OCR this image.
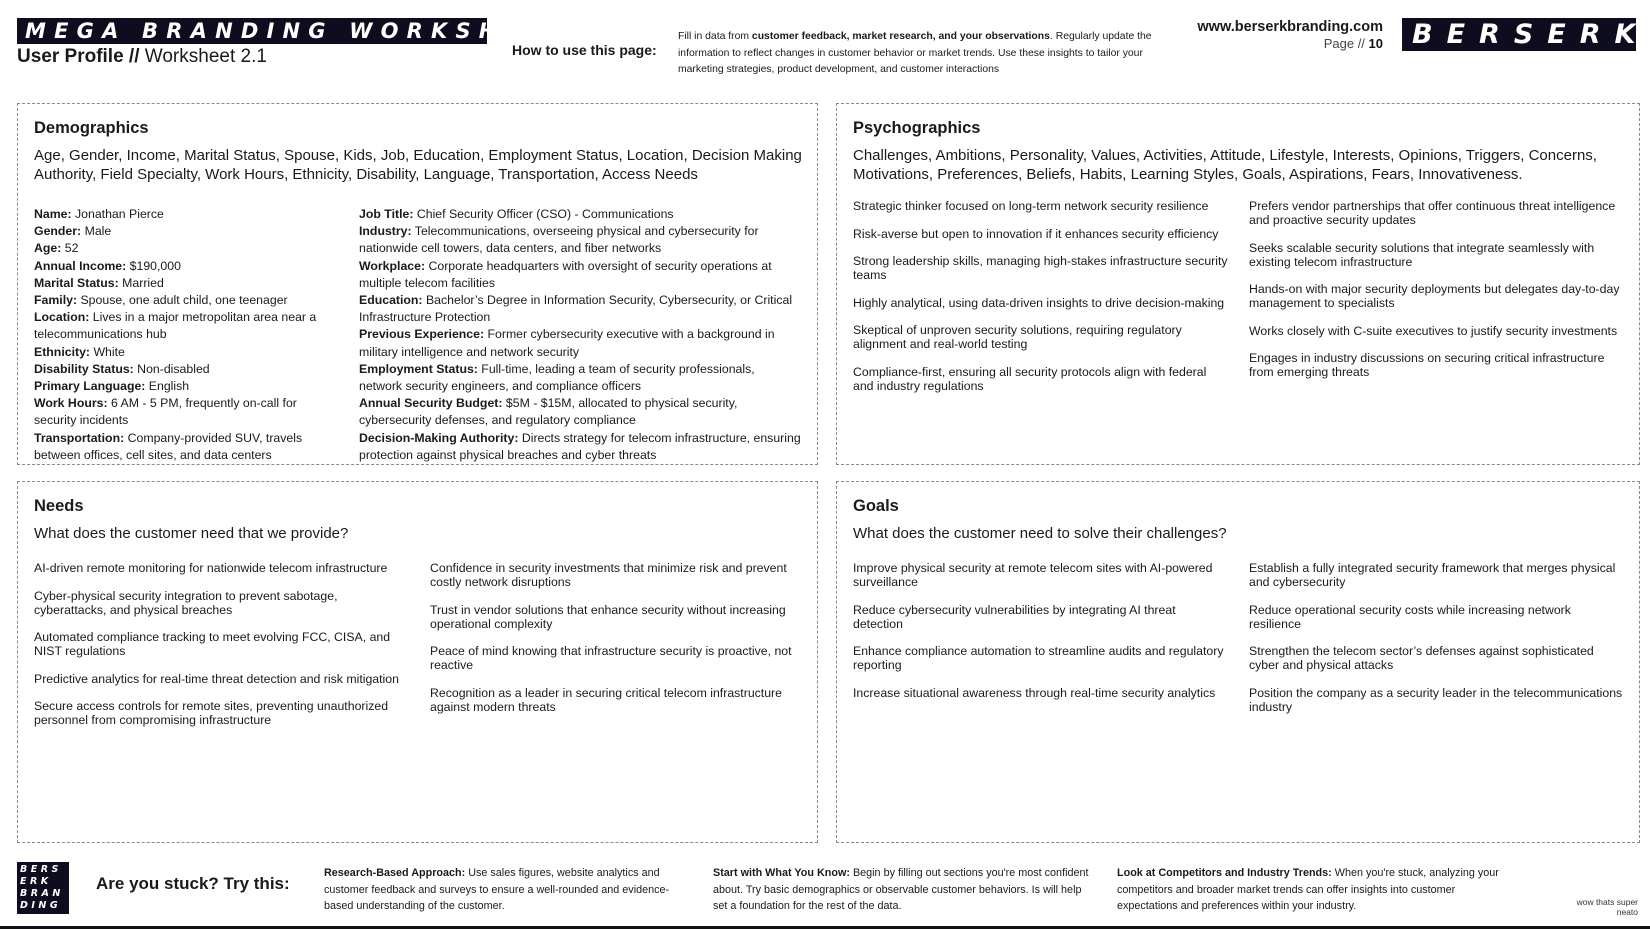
MEGA BRANDING WORKSHOP
User Profile // Worksheet 2.1	How to use this page:
Fill in data from customer feedback, market research, and your observations. Regularly update the information to reflect changes in customer behavior or market trends. Use these insights to tailor your marketing strategies, product development, and customer interactions
www.berserkbranding.com
Page // 10	BERSERK
Demographics
Age, Gender, Income, Marital Status, Spouse, Kids, Job, Education, Employment Status, Location, Decision Making Authority, Field Specialty, Work Hours, Ethnicity, Disability, Language, Transportation, Access Needs
Name: Jonathan Pierce
Gender: Male
Age: 52
Annual Income: $190,000
Marital Status: Married
Family: Spouse, one adult child, one teenager
Location: Lives in a major metropolitan area near a telecommunications hub
Ethnicity: White
Disability Status: Non-disabled
Primary Language: English
Work Hours: 6 AM - 5 PM, frequently on-call for security incidents
Transportation: Company-provided SUV, travels between offices, cell sites, and data centers
Job Title: Chief Security Officer (CSO) - Communications
Industry: Telecommunications, overseeing physical and cybersecurity for nationwide cell towers, data centers, and fiber networks
Workplace: Corporate headquarters with oversight of security operations at multiple telecom facilities
Education: Bachelor’s Degree in Information Security, Cybersecurity, or Critical Infrastructure Protection
Previous Experience: Former cybersecurity executive with a background in military intelligence and network security
Employment Status: Full-time, leading a team of security professionals, network security engineers, and compliance officers
Annual Security Budget: $5M - $15M, allocated to physical security, cybersecurity defenses, and regulatory compliance
Decision-Making Authority: Directs strategy for telecom infrastructure, ensuring protection against physical breaches and cyber threats
Psychographics
Challenges, Ambitions, Personality, Values, Activities, Attitude, Lifestyle, Interests, Opinions, Triggers, Concerns, Motivations, Preferences, Beliefs, Habits, Learning Styles, Goals, Aspirations, Fears, Innovativeness.
Strategic thinker focused on long-term network security resilience
Risk-averse but open to innovation if it enhances security efficiency
Strong leadership skills, managing high-stakes infrastructure security teams
Highly analytical, using data-driven insights to drive decision-making
Skeptical of unproven security solutions, requiring regulatory alignment and real-world testing
Compliance-first, ensuring all security protocols align with federal and industry regulations
Prefers vendor partnerships that offer continuous threat intelligence and proactive security updates
Seeks scalable security solutions that integrate seamlessly with existing telecom infrastructure
Hands-on with major security deployments but delegates day-to-day management to specialists
Works closely with C-suite executives to justify security investments
Engages in industry discussions on securing critical infrastructure from emerging threats
Needs
What does the customer need that we provide?
AI-driven remote monitoring for nationwide telecom infrastructure
Cyber-physical security integration to prevent sabotage, cyberattacks, and physical breaches
Automated compliance tracking to meet evolving FCC, CISA, and NIST regulations
Predictive analytics for real-time threat detection and risk mitigation
Secure access controls for remote sites, preventing unauthorized personnel from compromising infrastructure
Confidence in security investments that minimize risk and prevent costly network disruptions
Trust in vendor solutions that enhance security without increasing operational complexity
Peace of mind knowing that infrastructure security is proactive, not reactive
Recognition as a leader in securing critical telecom infrastructure against modern threats
Goals
What does the customer need to solve their challenges?
Improve physical security at remote telecom sites with AI-powered surveillance
Reduce cybersecurity vulnerabilities by integrating AI threat detection
Enhance compliance automation to streamline audits and regulatory reporting
Increase situational awareness through real-time security analytics
Establish a fully integrated security framework that merges physical and cybersecurity
Reduce operational security costs while increasing network resilience
Strengthen the telecom sector’s defenses against sophisticated cyber and physical attacks
Position the company as a security leader in the telecommunications industry
BERS
ERK
BRAN
DING
Are you stuck? Try this:
Research-Based Approach: Use sales figures, website analytics and customer feedback and surveys to ensure a well-rounded and evidence-based understanding of the customer.
Start with What You Know: Begin by filling out sections you're most confident about. Try basic demographics or observable customer behaviors. Is will help set a foundation for the rest of the data.
Look at Competitors and Industry Trends: When you're stuck, analyzing your competitors and broader market trends can offer insights into customer expectations and preferences within your industry.	wow thats super neato
